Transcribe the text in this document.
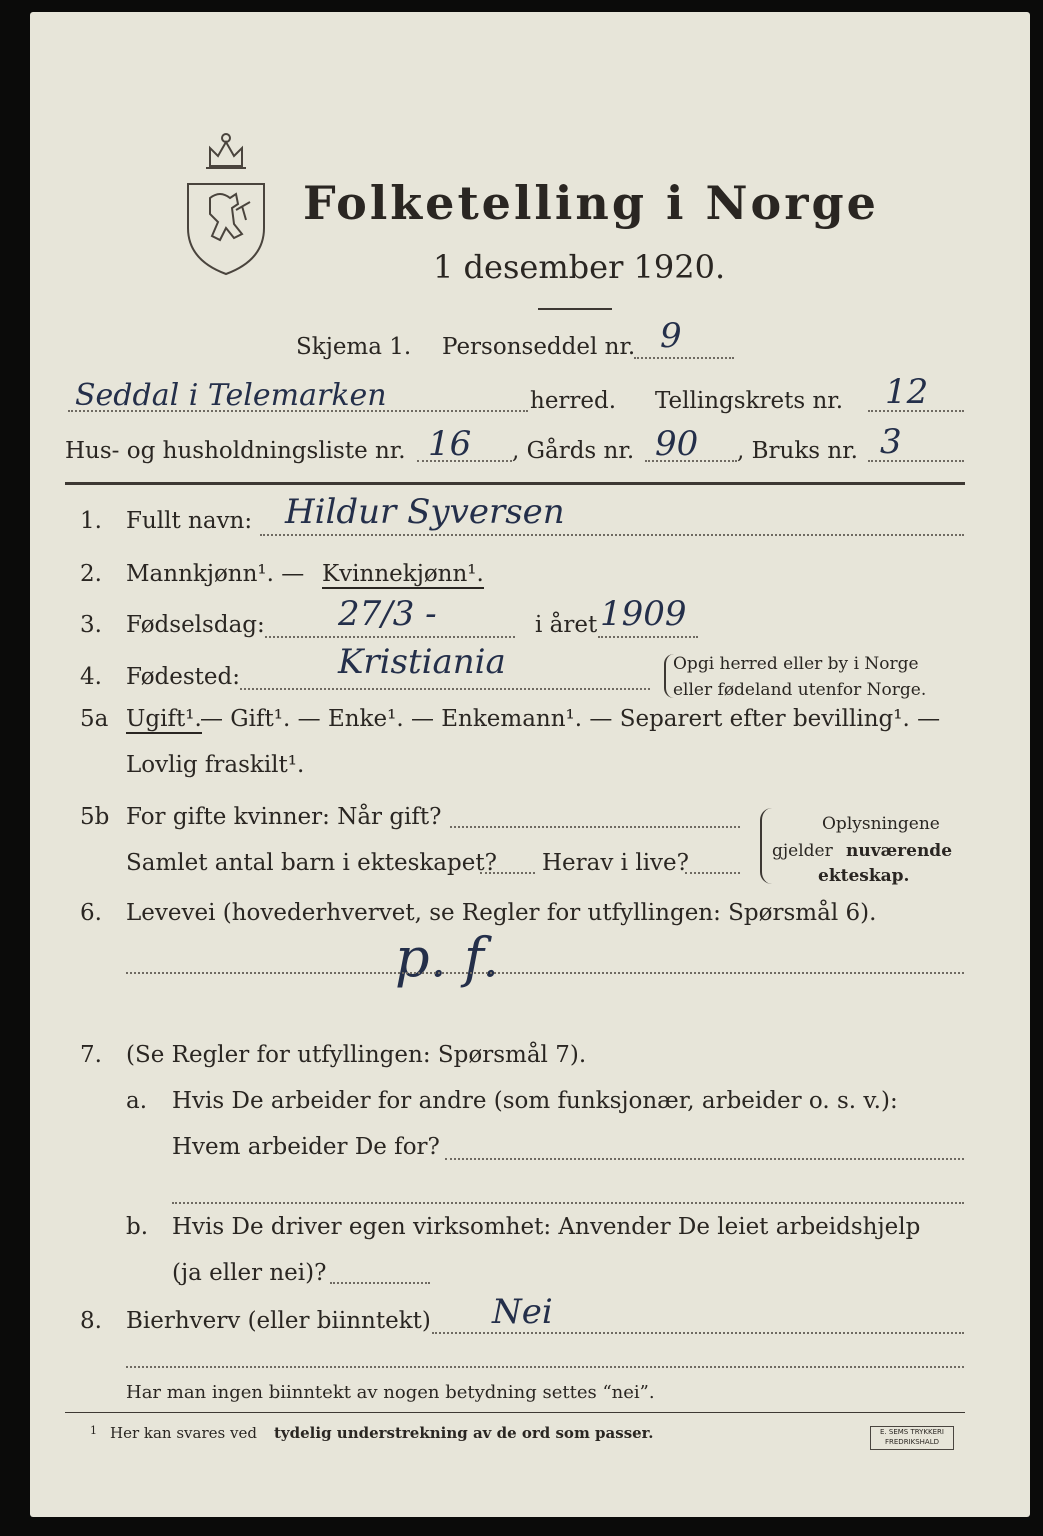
Folketelling i Norge
1 desember 1920.
Skjema 1. Personseddel nr. 9
Seddal i Telemarken	herred. Tellingskrets nr. 12
Hus- og husholdningsliste nr. 16 , Gårds nr. 90 , Bruks nr. 3
1. Fullt navn: Hildur Syversen
2. Mannkjønn¹. — Kvinnekjønn¹.
3. Fødselsdag: 27/3 -	i året 1909
4. Fødested:	Kristiania	Opgi herred eller by i Norge
eller fødeland utenfor Norge.
5a Ugift¹.
— Gift¹. — Enke¹. — Enkemann¹. — Separert efter bevilling¹. —
Lovlig fraskilt¹.
5b For gifte kvinner: Når gift?
Samlet antal barn i ekteskapet? Herav i live?
Oplysningene
gjelder nuværende
ekteskap.
6. Levevei (hovederhvervet, se Regler for utfyllingen: Spørsmål 6).
p. f.
7. (Se Regler for utfyllingen: Spørsmål 7).
a. Hvis De arbeider for andre (som funksjonær, arbeider o. s. v.):
Hvem arbeider De for?
b. Hvis De driver egen virksomhet: Anvender De leiet arbeidshjelp
(ja eller nei)?
8. Bierhverv (eller biinntekt) Nei
Har man ingen biinntekt av nogen betydning settes “nei”.
1 Her kan svares ved tydelig understrekning av de ord som passer.	E. SEMS TRYKKERI
FREDRIKSHALD
